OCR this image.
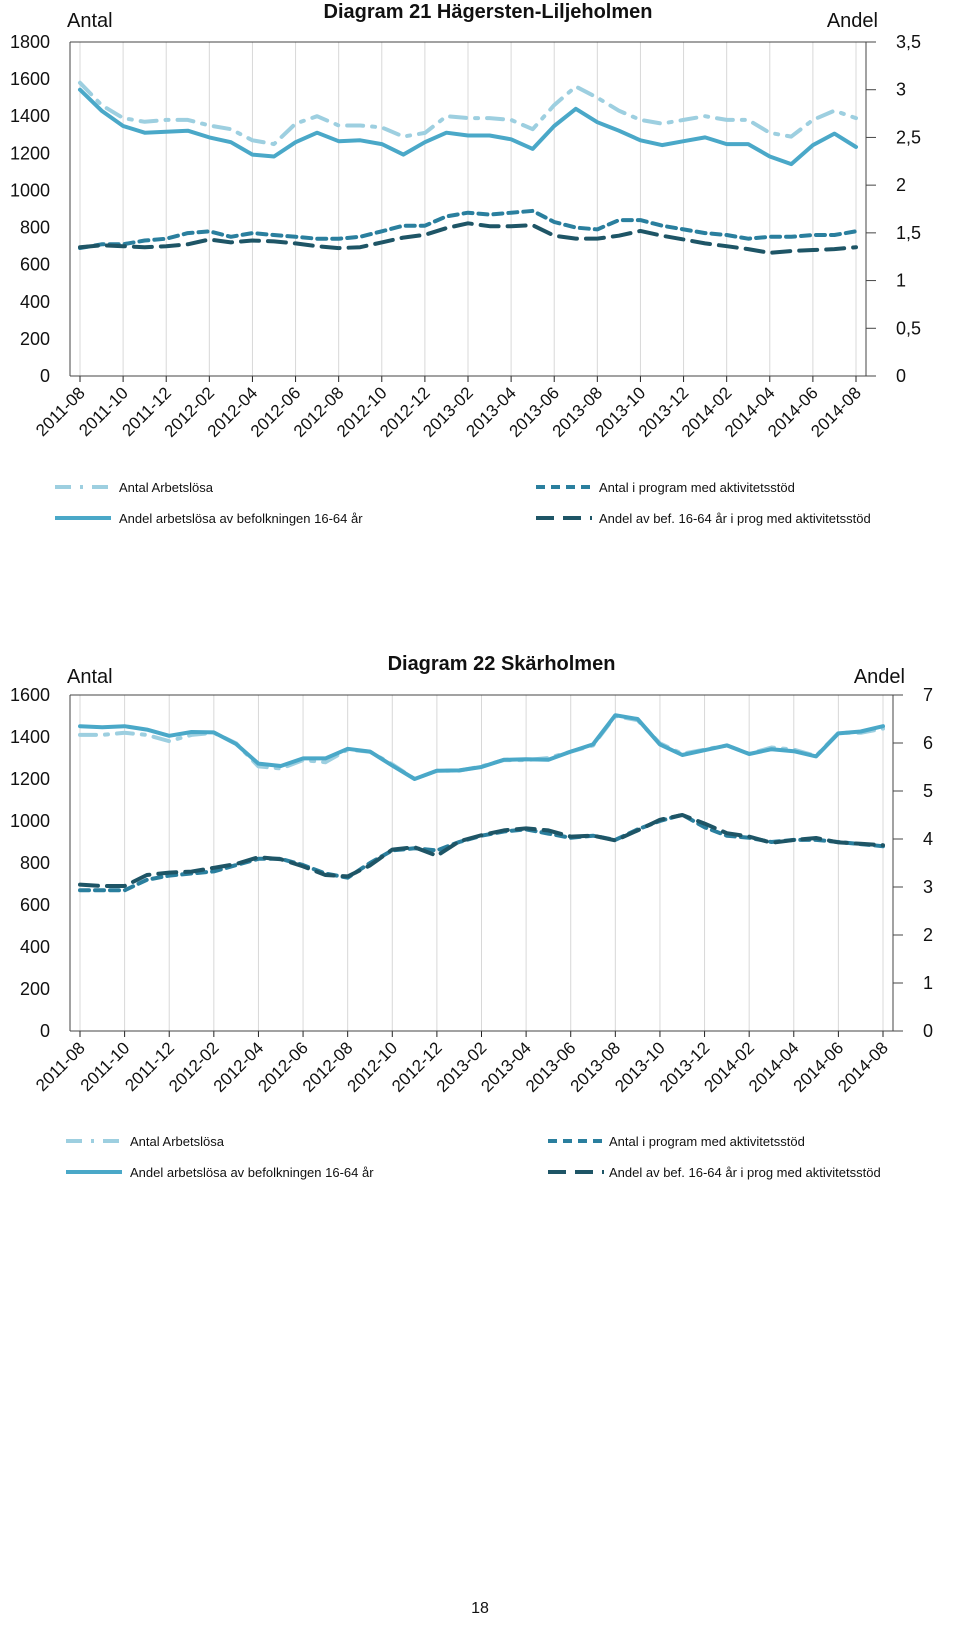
2011-08
2011-10
2011-12
2012-02
2012-04
2012-06
2012-08
2012-10
2012-12
2013-02
2013-04
2013-06
2013-08
2013-10
2013-12
2014-02
2014-04
2014-06
2014-08
0
200
400
600
800
1000
1200
1400
1600
1800
0
0,5
1
1,5
2
2,5
3
3,5
Diagram 21 Hägersten-Liljeholmen
Antal	Andel
Antal Arbetslösa
Andel arbetslösa av befolkningen 16-64 år
Antal i program med aktivitetsstöd
Andel av bef. 16-64 år i prog med aktivitetsstöd
2011-08
2011-10
2011-12
2012-02
2012-04
2012-06
2012-08
2012-10
2012-12
2013-02
2013-04
2013-06
2013-08
2013-10
2013-12
2014-02
2014-04
2014-06
2014-08
0
200
400
600
800
1000
1200
1400
1600
0
1
2
3
4
5
6
7
Diagram 22 Skärholmen
Antal	Andel
Antal Arbetslösa
Andel arbetslösa av befolkningen 16-64 år
Antal i program med aktivitetsstöd
Andel av bef. 16-64 år i prog med aktivitetsstöd
18
